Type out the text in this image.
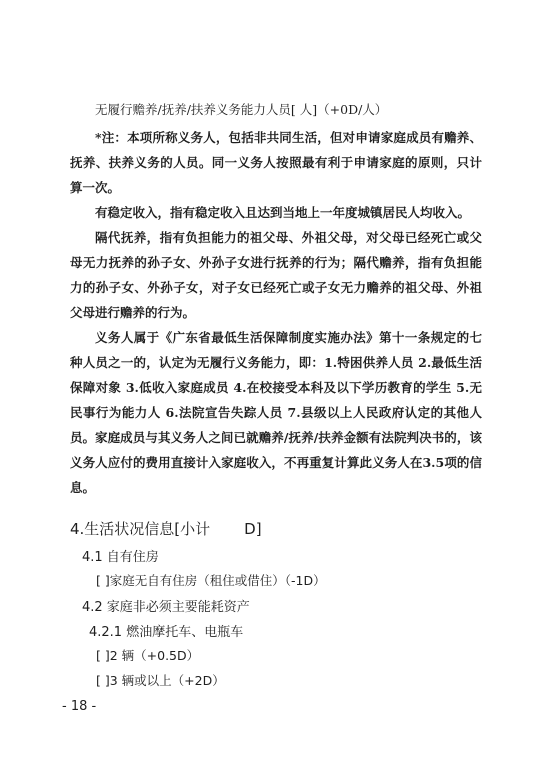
无履行赡养/抚养/扶养义务能力人员[ 人]（+0D/人）

*注：本项所称义务人，包括非共同生活，但对申请家庭成员有赡养、抚养、扶养义务的人员。同一义务人按照最有利于申请家庭的原则，只计算一次。

有稳定收入，指有稳定收入且达到当地上一年度城镇居民人均收入。

隔代抚养，指有负担能力的祖父母、外祖父母，对父母已经死亡或父母无力抚养的孙子女、外孙子女进行抚养的行为；隔代赡养，指有负担能力的孙子女、外孙子女，对子女已经死亡或子女无力赡养的祖父母、外祖父母进行赡养的行为。

义务人属于《广东省最低生活保障制度实施办法》第十一条规定的七种人员之一的，认定为无履行义务能力，即：1.特困供养人员 2.最低生活保障对象 3.低收入家庭成员 4.在校接受本科及以下学历教育的学生 5.无民事行为能力人 6.法院宣告失踪人员 7.县级以上人民政府认定的其他人员。 家庭成员与其义务人之间已就赡养/抚养/扶养金额有法院判决书的，该义务人应付的费用直接计入家庭收入，不再重复计算此义务人在3.5项的信息。

4.生活状况信息[小计 D]
4.1 自有住房
[ ]家庭无自有住房（租住或借住）（-1D）
4.2 家庭非必须主要能耗资产
4.2.1 燃油摩托车、电瓶车
[ ]2 辆（+0.5D）
[ ]3 辆或以上（+2D）
- 18 -
